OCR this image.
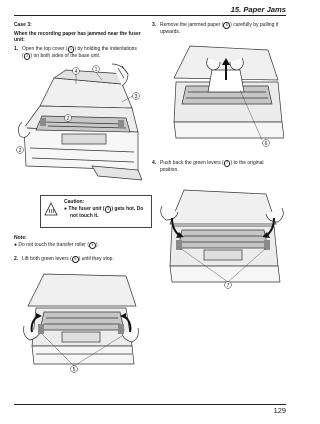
15. Paper Jams
Case 3:
When the recording paper has jammed near the fuser
unit:
1. Open the top cover ( 1 ) by holding the indentations
( 2 ) on both sides of the base unit.
4	1
3
2
2
Caution:
● The fuser unit ( 3 ) gets hot. Do
not touch it.
Note:
● Do not touch the transfer roller ( 4 ).
2. Lift both green levers ( 5 ) until they stop.
5
3. Remove the jammed paper ( 6 ) carefully by pulling it
upwards.
6
4. Push back the green levers ( 7 ) to the original
position.
7
129
